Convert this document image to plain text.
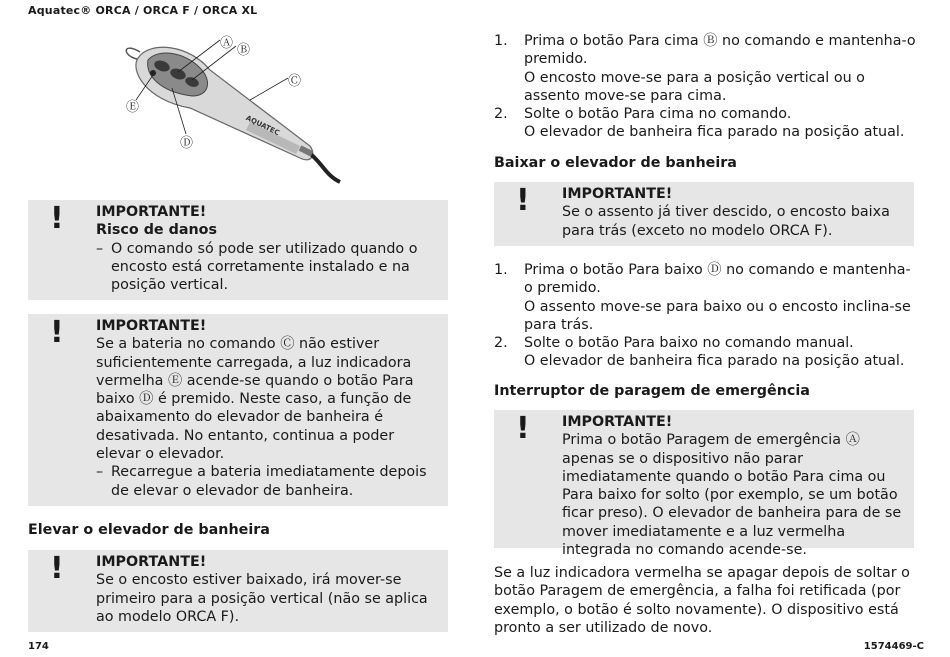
Aquatec® ORCA / ORCA F / ORCA XL
Ⓐ Ⓑ
Ⓒ
Ⓓ
Ⓔ
AQUATEC
! IMPORTANTE!
Risco de danos
– O comando só pode ser utilizado quando o encosto está corretamente instalado e na posição vertical.
! IMPORTANTE!
Se a bateria no comando Ⓒ não estiver suficientemente carregada, a luz indicadora vermelha Ⓔ acende-se quando o botão Para baixo Ⓓ é premido. Neste caso, a função de abaixamento do elevador de banheira é desativada. No entanto, continua a poder elevar o elevador.
– Recarregue a bateria imediatamente depois de elevar o elevador de banheira.
Elevar o elevador de banheira
! IMPORTANTE!
Se o encosto estiver baixado, irá mover-se primeiro para a posição vertical (não se aplica ao modelo ORCA F).
1.	Prima o botão Para cima Ⓑ no comando e mantenha-o premido.
O encosto move-se para a posição vertical ou o assento move-se para cima.
2.	Solte o botão Para cima no comando.
O elevador de banheira fica parado na posição atual.
Baixar o elevador de banheira
! IMPORTANTE!
Se o assento já tiver descido, o encosto baixa para trás (exceto no modelo ORCA F).
1.	Prima o botão Para baixo Ⓓ no comando e mantenha-o premido.
O assento move-se para baixo ou o encosto inclina-se para trás.
2.	Solte o botão Para baixo no comando manual.
O elevador de banheira fica parado na posição atual.
Interruptor de paragem de emergência
! IMPORTANTE!
Prima o botão Paragem de emergência Ⓐ apenas se o dispositivo não parar imediatamente quando o botão Para cima ou Para baixo for solto (por exemplo, se um botão ficar preso). O elevador de banheira para de se mover imediatamente e a luz vermelha integrada no comando acende-se.
Se a luz indicadora vermelha se apagar depois de soltar o botão Paragem de emergência, a falha foi retificada (por exemplo, o botão é solto novamente). O dispositivo está pronto a ser utilizado de novo.
174	1574469-C
